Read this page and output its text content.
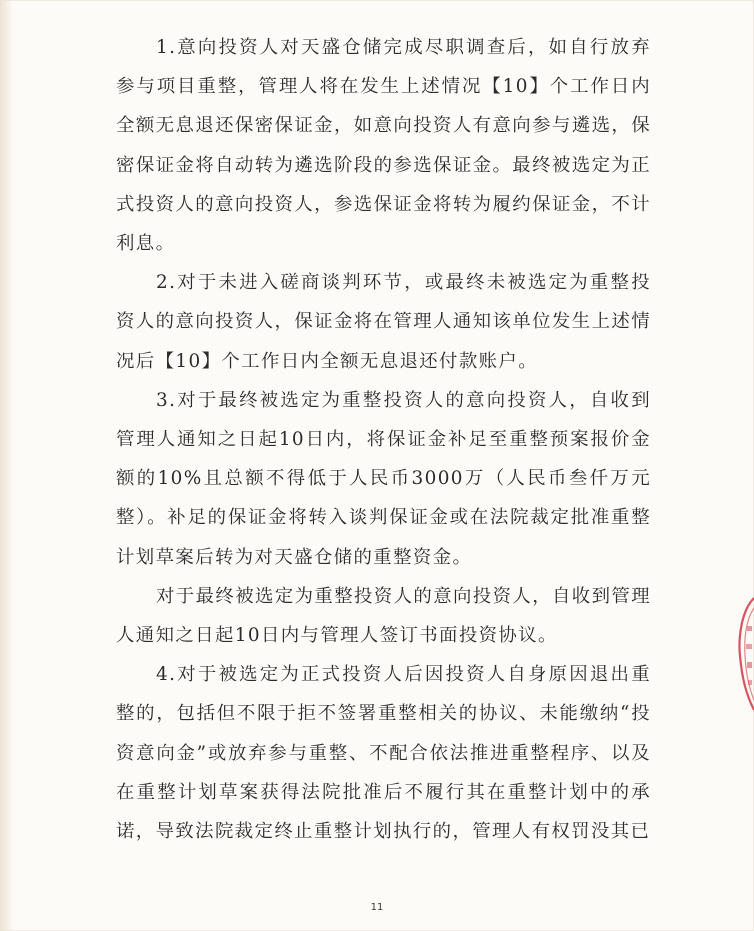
1.意向投资人对天盛仓储完成尽职调查后，如自行放弃参与项目重整，管理人将在发生上述情况【10】个工作日内全额无息退还保密保证金，如意向投资人有意向参与遴选，保密保证金将自动转为遴选阶段的参选保证金。最终被选定为正式投资人的意向投资人，参选保证金将转为履约保证金，不计利息。

2.对于未进入磋商谈判环节，或最终未被选定为重整投资人的意向投资人，保证金将在管理人通知该单位发生上述情况后【10】个工作日内全额无息退还付款账户。

3.对于最终被选定为重整投资人的意向投资人，自收到管理人通知之日起10日内，将保证金补足至重整预案报价金额的10%且总额不得低于人民币3000万（人民币叁仟万元整）。补足的保证金将转入谈判保证金或在法院裁定批准重整计划草案后转为对天盛仓储的重整资金。

对于最终被选定为重整投资人的意向投资人，自收到管理人通知之日起10日内与管理人签订书面投资协议。

4.对于被选定为正式投资人后因投资人自身原因退出重整的，包括但不限于拒不签署重整相关的协议、未能缴纳“投资意向金”或放弃参与重整、不配合依法推进重整程序、以及在重整计划草案获得法院批准后不履行其在重整计划中的承诺，导致法院裁定终止重整计划执行的，管理人有权罚没其已

11
